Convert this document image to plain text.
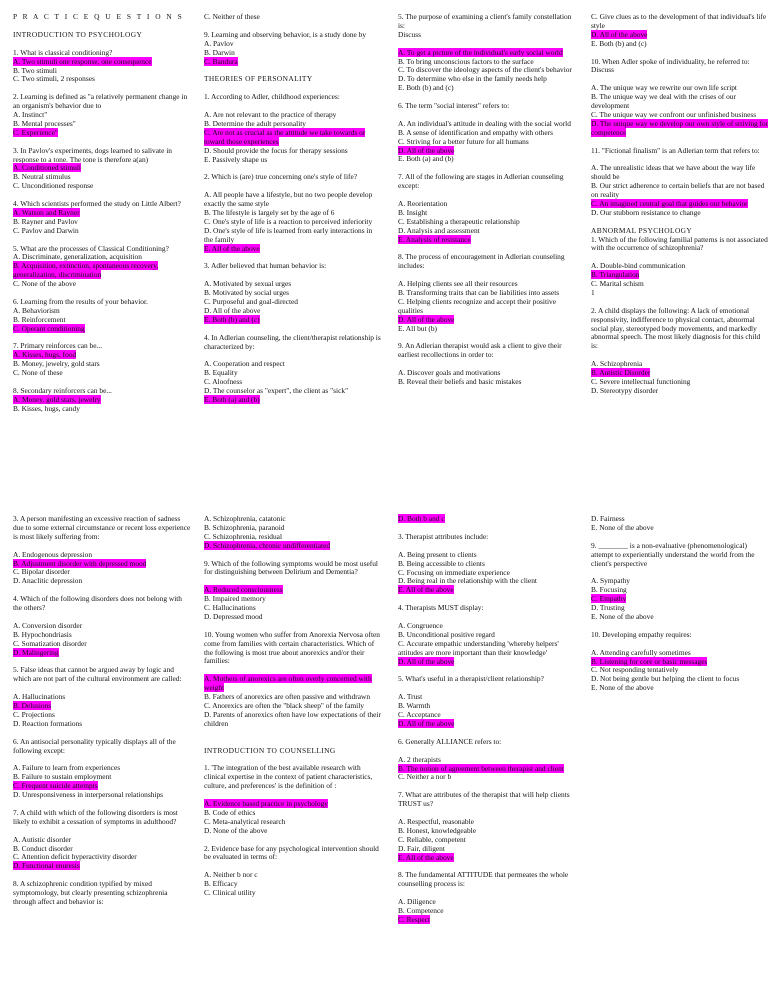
P R A C T I C E Q U E S T I O N S
INTRODUCTION TO PSYCHOLOGY
1. What is classical conditioning?
A. Two stimuli one response, one consequence
B. Two stimuli
C. Two stimuli, 2 responses
2. Learning is defined as "a relatively permanent change in an organism's behavior due to
A. Instinct"
B. Mental processes"
C. Experience"
3. In Pavlov's experiments, dogs learned to salivate in response to a tone. The tone is therefore a(an)
A. Conditioned stimuli
B. Neutral stimulus
C. Unconditioned response
4. Which scientists performed the study on Little Albert?
A. Watson and Rayner
B. Rayner and Pavlov
C. Pavlov and Darwin
5. What are the processes of Classical Conditioning?
A. Discriminate, generalization, acquisition
B. Acquisition, extinction, spontaneous recovery, generalization, discrimination
C. None of the above
6. Learning from the results of your behavior.
A. Behaviorism
B. Reinforcement
C. Operant conditioning
7. Primary reinforces can be...
A. Kisses, hugs, food
B. Money, jewelry, gold stars
C. None of these
8. Secondary reinforcers can be...
A. Money, gold stars, jewelry
B. Kisses, hugs, candy
C. Neither of these
9. Learning and observing behavior, is a study done by
A. Pavlov
B. Darwin
C. Bandura
THEORIES OF PERSONALITY
1. According to Adler, childhood experiences:
A. Are not relevant to the practice of therapy
B. Determine the adult personality
C. Are not as crucial as the attitude we take towards or toward those experiences
D. Should provide the focus for therapy sessions
E. Passively shape us
2. Which is (are) true concerning one's style of life?
A. All people have a lifestyle, but no two people develop exactly the same style
B. The lifestyle is largely set by the age of 6
C. One's style of life is a reaction to perceived inferiority
D. One's style of life is learned from early interactions in the family
E. All of the above
3. Adler believed that human behavior is:
A. Motivated by sexual urges
B. Motivated by social urges
C. Purposeful and goal-directed
D. All of the above
E. Both (b) and (c)
4. In Adlerian counseling, the client/therapist relationship is characterized by:
A. Cooperation and respect
B. Equality
C. Aloofness
D. The counselor as "expert", the client as "sick"
E. Both (a) and (b)
5. The purpose of examining a client's family constellation is:
Discuss
A. To get a picture of the individual's early social world
B. To bring unconscious factors to the surface
C. To discover the ideology aspects of the client's behavior
D. To determine who else in the family needs help
E. Both (b) and (c)
6. The term "social interest" refers to:
A. An individual's attitude in dealing with the social world
B. A sense of identification and empathy with others
C. Striving for a better future for all humans
D. All of the above
E. Both (a) and (b)
7. All of the following are stages in Adlerian counseling except:
A. Reorientation
B. Insight
C. Establishing a therapeutic relationship
D. Analysis and assessment
E. Analysis of resistance
8. The process of encouragement in Adlerian counseling includes:
A. Helping clients see all their resources
B. Transforming traits that can be liabilities into assets
C. Helping clients recognize and accept their positive qualities
D. All of the above
E. All but (b)
9. An Adlerian therapist would ask a client to give their earliest recollections in order to:
A. Discover goals and motivations
B. Reveal their beliefs and basic mistakes
C. Give clues as to the development of that individual's life style
D. All of the above
E. Both (b) and (c)
10. When Adler spoke of individuality, he referred to:
Discuss
A. The unique way we rewrite our own life script
B. The unique way we deal with the crises of our development
C. The unique way we confront our unfinished business
D. The unique way we develop our own style of striving for competence
11. "Fictional finalism" is an Adlerian term that refers to:
A. The unrealistic ideas that we have about the way life should be
B. Our strict adherence to certain beliefs that are not based on reality
C. An imagined central goal that guides our behavior
D. Our stubborn resistance to change
ABNORMAL PSYCHOLOGY
1. Which of the following familial patterns is not associated with the occurrence of schizophrenia?
A. Double-bind communication
B. Triangulation
C. Marital schism
1
2. A child displays the following: A lack of emotional responsivity, indifference to physical contact, abnormal social play, stereotyped body movements, and markedly abnormal speech. The most likely diagnosis for this child is:
A. Schizophrenia
B. Autistic Disorder
C. Severe intellectual functioning
D. Stereotypy disorder
3. A person manifesting an excessive reaction of sadness due to some external circumstance or recent loss experience is most likely suffering from:
A. Endogenous depression
B. Adjustment disorder with depressed mood
C. Bipolar disorder
D. Anaclitic depression
4. Which of the following disorders does not belong with the others?
A. Conversion disorder
B. Hypochondriasis
C. Somatization disorder
D. Malingering
5. False ideas that cannot be argued away by logic and which are not part of the cultural environment are called:
A. Hallucinations
B. Delusions
C. Projections
D. Reaction formations
6. An antisocial personality typically displays all of the following except:
A. Failure to learn from experiences
B. Failure to sustain employment
C. Frequent suicide attempts
D. Unresponsiveness in interpersonal relationships
7. A child with which of the following disorders is most likely to exhibit a cessation of symptoms in adulthood?
A. Autistic disorder
B. Conduct disorder
C. Attention deficit hyperactivity disorder
D. Functional enuresis
8. A schizophrenic condition typified by mixed symptomology, but clearly presenting schizophrenia through affect and behavior is:
A. Schizophrenia, catatonic
B. Schizophrenia, paranoid
C. Schizophrenia, residual
D. Schizophrenia, chronic undifferentiated
9. Which of the following symptoms would be most useful for distinguishing between Delirium and Dementia?
A. Reduced consciousness
B. Impaired memory
C. Hallucinations
D. Depressed mood
10. Young women who suffer from Anorexia Nervosa often come from families with certain characteristics. Which of the following is most true about anorexics and/or their families:
A. Mothers of anorexics are often overly concerned with weight
B. Fathers of anorexics are often passive and withdrawn
C. Anorexics are often the "black sheep" of the family
D. Parents of anorexics often have low expectations of their children
INTRODUCTION TO COUNSELLING
1. 'The integration of the best available research with clinical expertise in the context of patient characteristics, culture, and preferences' is the definition of :
A. Evidence based practice in psychology
B. Code of ethics
C. Meta-analytical research
D. None of the above
2. Evidence base for any psychological intervention should be evaluated in terms of:
A. Neither b nor c
B. Efficacy
C. Clinical utility
D. Both b and c
3. Therapist attributes include:
A. Being present to clients
B. Being accessible to clients
C. Focusing on immediate experience
D. Being real in the relationship with the client
E. All of the above
4. Therapists MUST display:
A. Congruence
B. Unconditional positive regard
C. Accurate empathic understanding 'whereby helpers' attitudes are more important than their knowledge'
D. All of the above
5. What's useful in a therapist/client relationship?
A. Trust
B. Warmth
C. Acceptance
D. All of the above
6. Generally ALLIANCE refers to:
A. 2 therapists
B. The notion of agreement between therapist and client
C. Neither a nor b
7. What are attributes of the therapist that will help clients TRUST us?
A. Respectful, reasonable
B. Honest, knowledgeable
C. Reliable, competent
D. Fair, diligent
E. All of the above
8. The fundamental ATTITUDE that permeates the whole counselling process is:
A. Diligence
B. Competence
C. Respect
D. Fairness
E. None of the above
9. ________ is a non-evaluative (phenomenological) attempt to experientially understand the world from the client's perspective
A. Sympathy
B. Focusing
C. Empathy
D. Trusting
E. None of the above
10. Developing empathy requires:
A. Attending carefully sometimes
B. Listening for core or basic messages
C. Not responding tentatively
D. Not being gentle but helping the client to focus
E. None of the above
